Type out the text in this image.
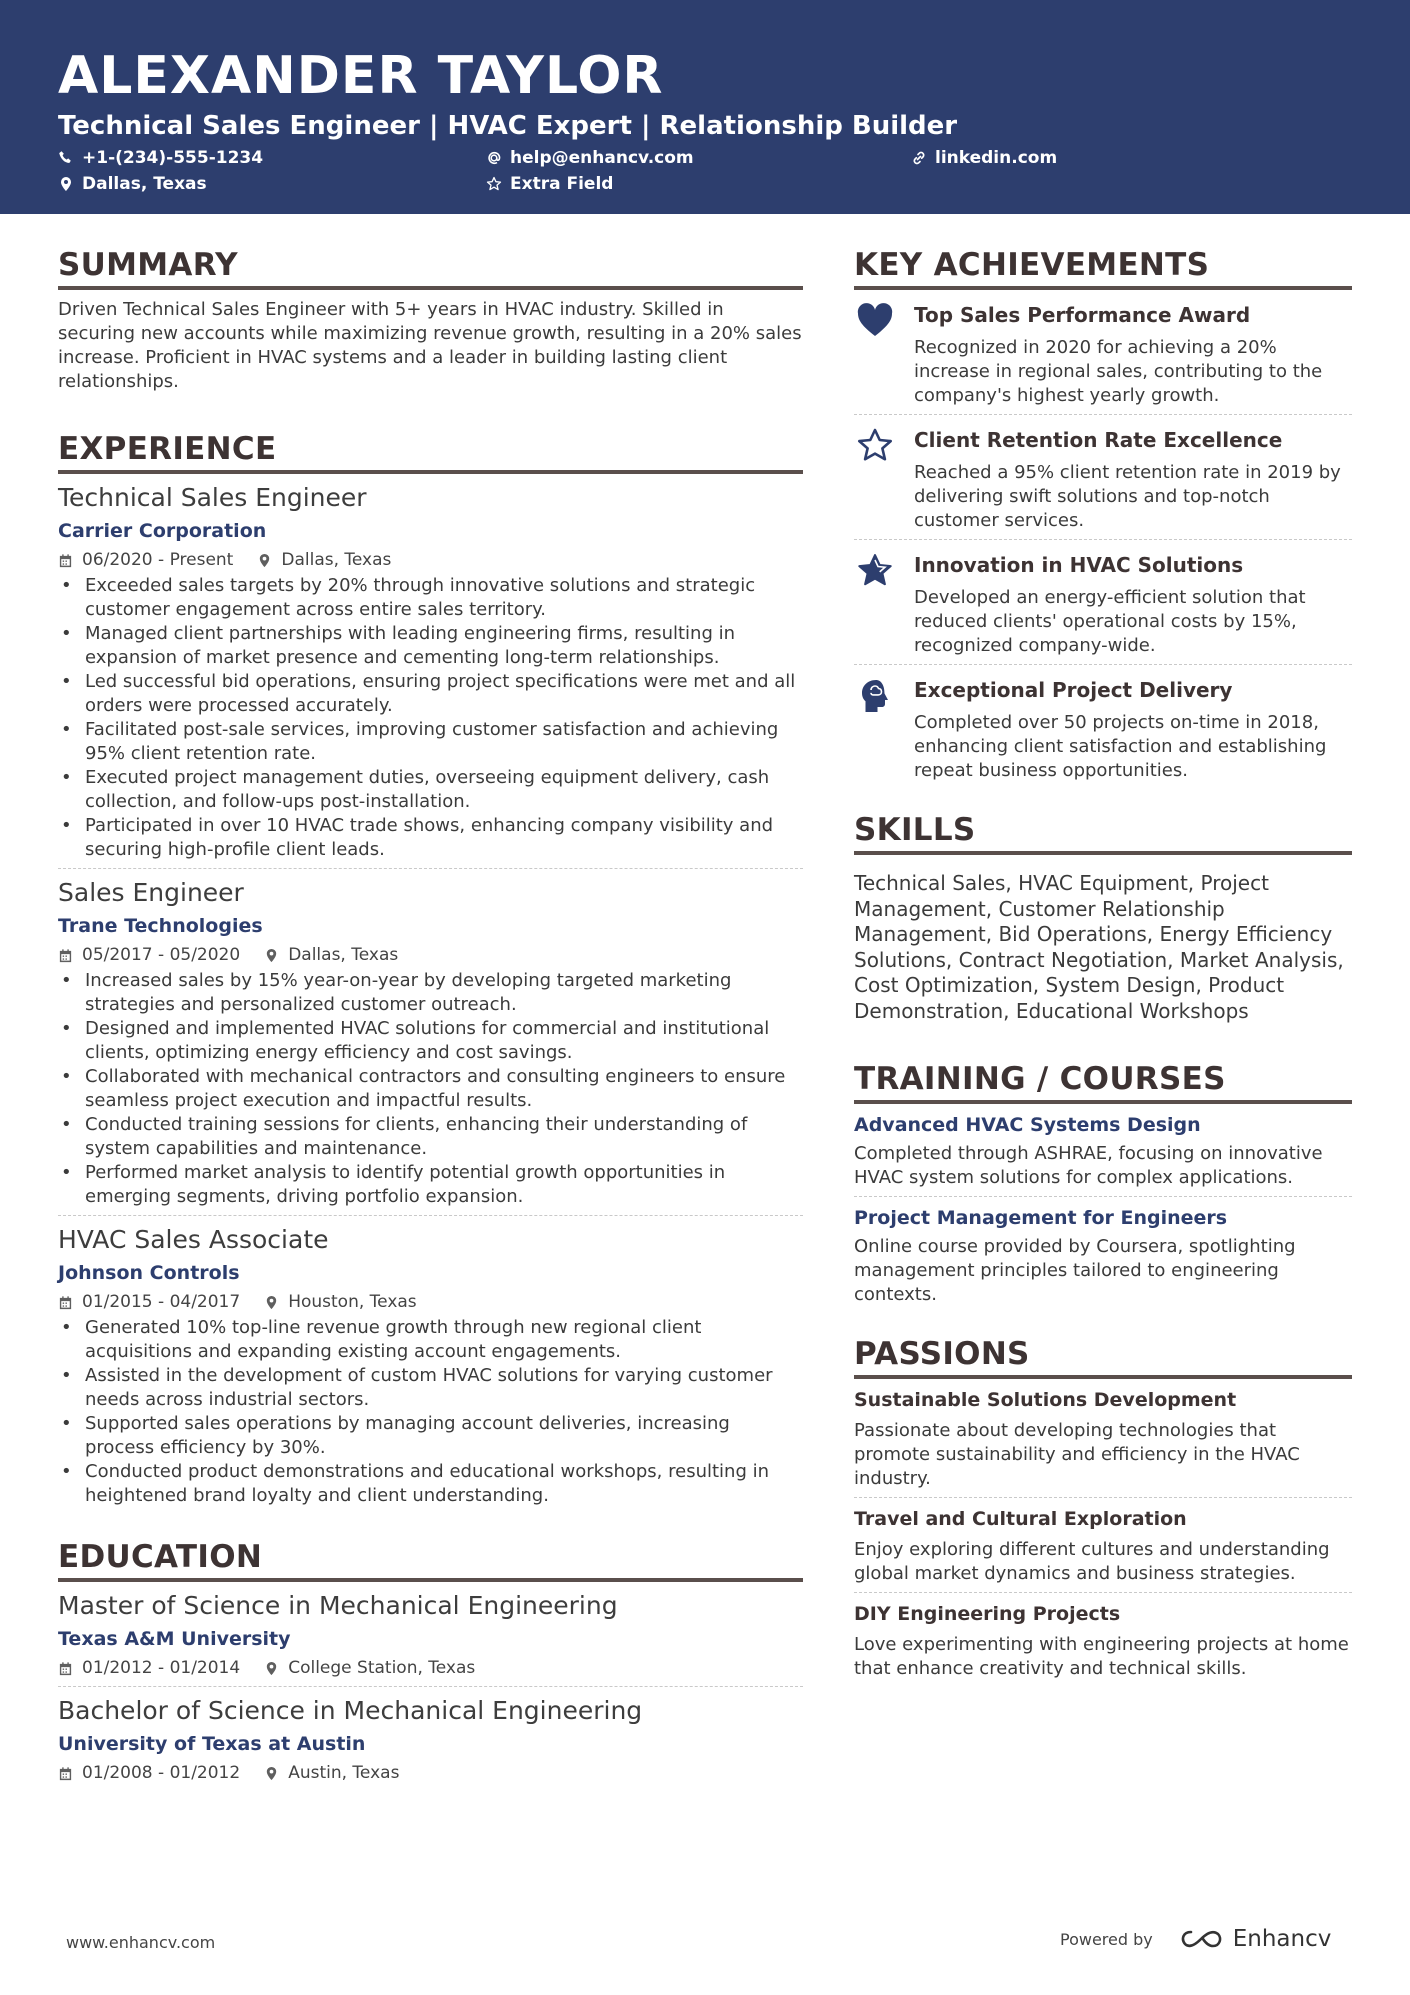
ALEXANDER TAYLOR
Technical Sales Engineer | HVAC Expert | Relationship Builder
+1-(234)-555-1234	help@enhancv.com	linkedin.com
Dallas, Texas	Extra Field
SUMMARY
Driven Technical Sales Engineer with 5+ years in HVAC industry. Skilled in securing new accounts while maximizing revenue growth, resulting in a 20% sales increase. Proficient in HVAC systems and a leader in building lasting client relationships.
EXPERIENCE
Technical Sales Engineer
Carrier Corporation
06/2020 - Present	Dallas, Texas
• Exceeded sales targets by 20% through innovative solutions and strategic customer engagement across entire sales territory.
• Managed client partnerships with leading engineering firms, resulting in expansion of market presence and cementing long-term relationships.
• Led successful bid operations, ensuring project specifications were met and all orders were processed accurately.
• Facilitated post-sale services, improving customer satisfaction and achieving 95% client retention rate.
• Executed project management duties, overseeing equipment delivery, cash collection, and follow-ups post-installation.
• Participated in over 10 HVAC trade shows, enhancing company visibility and securing high-profile client leads.
Sales Engineer
Trane Technologies
05/2017 - 05/2020	Dallas, Texas
• Increased sales by 15% year-on-year by developing targeted marketing strategies and personalized customer outreach.
• Designed and implemented HVAC solutions for commercial and institutional clients, optimizing energy efficiency and cost savings.
• Collaborated with mechanical contractors and consulting engineers to ensure seamless project execution and impactful results.
• Conducted training sessions for clients, enhancing their understanding of system capabilities and maintenance.
• Performed market analysis to identify potential growth opportunities in emerging segments, driving portfolio expansion.
HVAC Sales Associate
Johnson Controls
01/2015 - 04/2017	Houston, Texas
• Generated 10% top-line revenue growth through new regional client acquisitions and expanding existing account engagements.
• Assisted in the development of custom HVAC solutions for varying customer needs across industrial sectors.
• Supported sales operations by managing account deliveries, increasing process efficiency by 30%.
• Conducted product demonstrations and educational workshops, resulting in heightened brand loyalty and client understanding.
EDUCATION
Master of Science in Mechanical Engineering
Texas A&M University
01/2012 - 01/2014	College Station, Texas
Bachelor of Science in Mechanical Engineering
University of Texas at Austin
01/2008 - 01/2012	Austin, Texas
KEY ACHIEVEMENTS
Top Sales Performance Award
Recognized in 2020 for achieving a 20% increase in regional sales, contributing to the company's highest yearly growth.
Client Retention Rate Excellence
Reached a 95% client retention rate in 2019 by delivering swift solutions and top-notch customer services.
Innovation in HVAC Solutions
Developed an energy-efficient solution that reduced clients' operational costs by 15%, recognized company-wide.
Exceptional Project Delivery
Completed over 50 projects on-time in 2018, enhancing client satisfaction and establishing repeat business opportunities.
SKILLS
Technical Sales, HVAC Equipment, Project Management, Customer Relationship Management, Bid Operations, Energy Efficiency Solutions, Contract Negotiation, Market Analysis, Cost Optimization, System Design, Product Demonstration, Educational Workshops
TRAINING / COURSES
Advanced HVAC Systems Design
Completed through ASHRAE, focusing on innovative HVAC system solutions for complex applications.
Project Management for Engineers
Online course provided by Coursera, spotlighting management principles tailored to engineering contexts.
PASSIONS
Sustainable Solutions Development
Passionate about developing technologies that promote sustainability and efficiency in the HVAC industry.
Travel and Cultural Exploration
Enjoy exploring different cultures and understanding global market dynamics and business strategies.
DIY Engineering Projects
Love experimenting with engineering projects at home that enhance creativity and technical skills.
www.enhancv.com	Powered by	Enhancv
